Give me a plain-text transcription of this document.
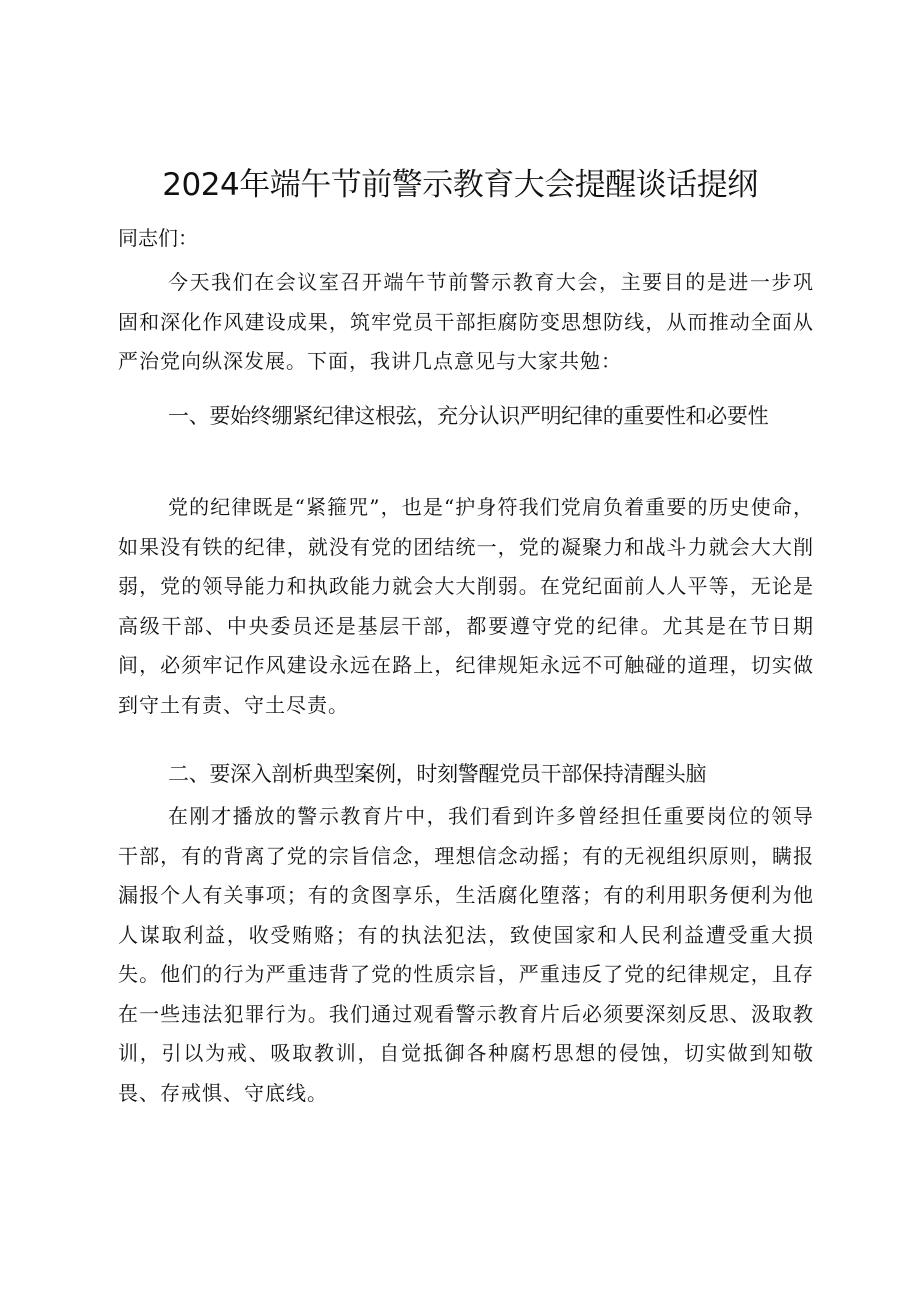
2024年端午节前警示教育大会提醒谈话提纲
同志们：

今天我们在会议室召开端午节前警示教育大会，主要目的是进一步巩固和深化作风建设成果，筑牢党员干部拒腐防变思想防线，从而推动全面从严治党向纵深发展。下面，我讲几点意见与大家共勉：

一、要始终绷紧纪律这根弦，充分认识严明纪律的重要性和必要性

党的纪律既是“紧箍咒”，也是“护身符我们党肩负着重要的历史使命，如果没有铁的纪律，就没有党的团结统一，党的凝聚力和战斗力就会大大削弱，党的领导能力和执政能力就会大大削弱。在党纪面前人人平等，无论是高级干部、中央委员还是基层干部，都要遵守党的纪律。尤其是在节日期间，必须牢记作风建设永远在路上，纪律规矩永远不可触碰的道理，切实做到守土有责、守土尽责。

二、要深入剖析典型案例，时刻警醒党员干部保持清醒头脑

在刚才播放的警示教育片中，我们看到许多曾经担任重要岗位的领导干部，有的背离了党的宗旨信念，理想信念动摇；有的无视组织原则，瞒报漏报个人有关事项；有的贪图享乐，生活腐化堕落；有的利用职务便利为他人谋取利益，收受贿赂；有的执法犯法，致使国家和人民利益遭受重大损失。他们的行为严重违背了党的性质宗旨，严重违反了党的纪律规定，且存在一些违法犯罪行为。我们通过观看警示教育片后必须要深刻反思、汲取教训，引以为戒、吸取教训，自觉抵御各种腐朽思想的侵蚀，切实做到知敬畏、存戒惧、守底线。
